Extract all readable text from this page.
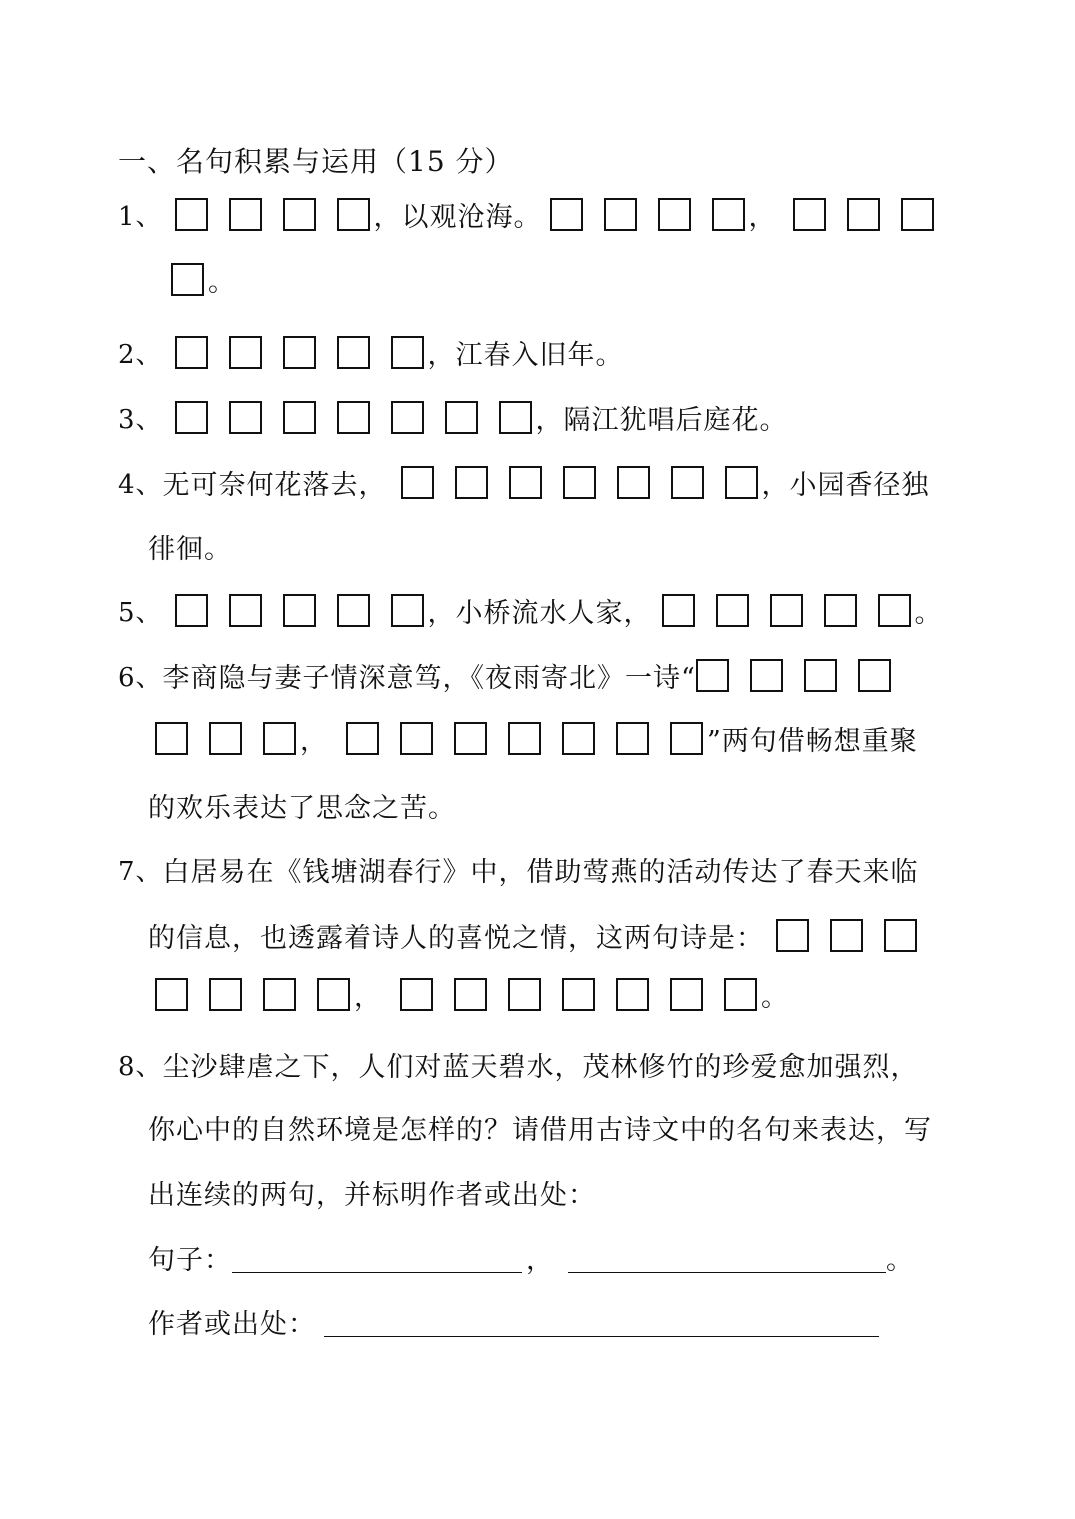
一、名句积累与运用（15 分）
1、	，以观沧海。	，
。
2、	，江春入旧年。
3、	，隔江犹唱后庭花。
4、 无可奈何花落去，	，小园香径独
徘徊。
5、	，小桥流水人家，	。
6、 李商隐与妻子情深意笃，《夜雨寄北》一诗“
，	”两句借畅想重聚
的欢乐表达了思念之苦。
7、 白居易在《钱塘湖春行》中，借助莺燕的活动传达了春天来临
的信息，也透露着诗人的喜悦之情，这两句诗是：
，	。
8、 尘沙肆虐之下，人们对蓝天碧水，茂林修竹的珍爱愈加强烈，
你心中的自然环境是怎样的？请借用古诗文中的名句来表达，写
出连续的两句，并标明作者或出处：
句子：	，	。
作者或出处：
